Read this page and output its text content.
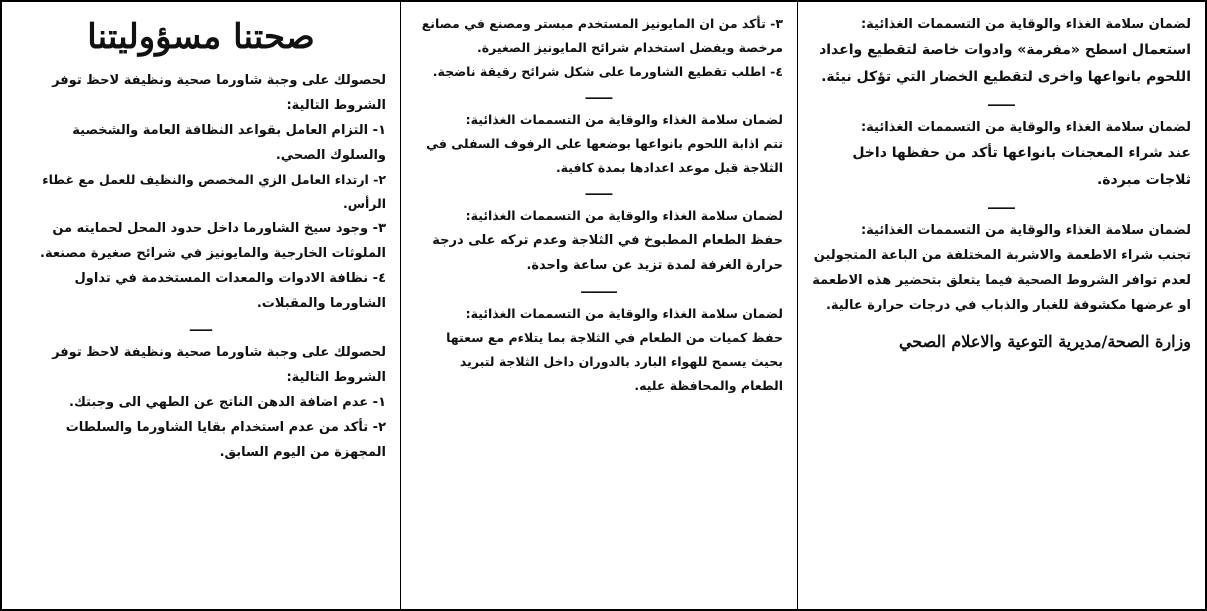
صحتنا مسؤوليتنا

لحصولك على وجبة شاورما صحية ونظيفة لاحظ توفر الشروط التالية:

١- التزام العامل بقواعد النظافة العامة والشخصية والسلوك الصحي.

٢- ارتداء العامل الزي المخصص والنظيف للعمل مع غطاء الرأس.

٣- وجود سيخ الشاورما داخل حدود المحل لحمايته من الملوثات الخارجية والمايونيز في شرائح صغيرة مصنعة.

٤- نظافة الادوات والمعدات المستخدمة في تداول الشاورما والمقبلات.

ـــــ

لحصولك على وجبة شاورما صحية ونظيفة لاحظ توفر الشروط التالية:

١- عدم اضافة الدهن الناتج عن الطهي الى وجبتك.

٢- تأكد من عدم استخدام بقايا الشاورما والسلطات المجهزة من اليوم السابق.

٣- تأكد من ان المايونيز المستخدم مبستر ومصنع في مصانع مرخصة ويفضل استخدام شرائح المايونيز الصغيرة.

٤- اطلب تقطيع الشاورما على شكل شرائح رقيقة ناضجة.

ــــــ

لضمان سلامة الغذاء والوقاية من التسممات الغذائية:

تتم اذابة اللحوم بانواعها بوضعها على الرفوف السفلى في الثلاجة قبل موعد اعدادها بمدة كافية.

ــــــ

لضمان سلامة الغذاء والوقاية من التسممات الغذائية:

حفظ الطعام المطبوخ في الثلاجة وعدم تركه على درجة حرارة الغرفة لمدة تزيد عن ساعة واحدة.

ــــــــ

لضمان سلامة الغذاء والوقاية من التسممات الغذائية:

حفظ كميات من الطعام في الثلاجة بما يتلاءم مع سعتها بحيث يسمح للهواء البارد بالدوران داخل الثلاجة لتبريد الطعام والمحافظة عليه.

لضمان سلامة الغذاء والوقاية من التسممات الغذائية:

استعمال اسطح «مفرمة» وادوات خاصة لتقطيع واعداد اللحوم بانواعها واخرى لتقطيع الخضار التي تؤكل نيئة.

ــــــ

لضمان سلامة الغذاء والوقاية من التسممات الغذائية:

عند شراء المعجنات بانواعها تأكد من حفظها داخل ثلاجات مبردة.

ــــــ

لضمان سلامة الغذاء والوقاية من التسممات الغذائية:

تجنب شراء الاطعمة والاشربة المختلفة من الباعة المتجولين لعدم توافر الشروط الصحية فيما يتعلق بتحضير هذه الاطعمة او عرضها مكشوفة للغبار والذباب في درجات حرارة عالية.

وزارة الصحة/مديرية التوعية والاعلام الصحي
